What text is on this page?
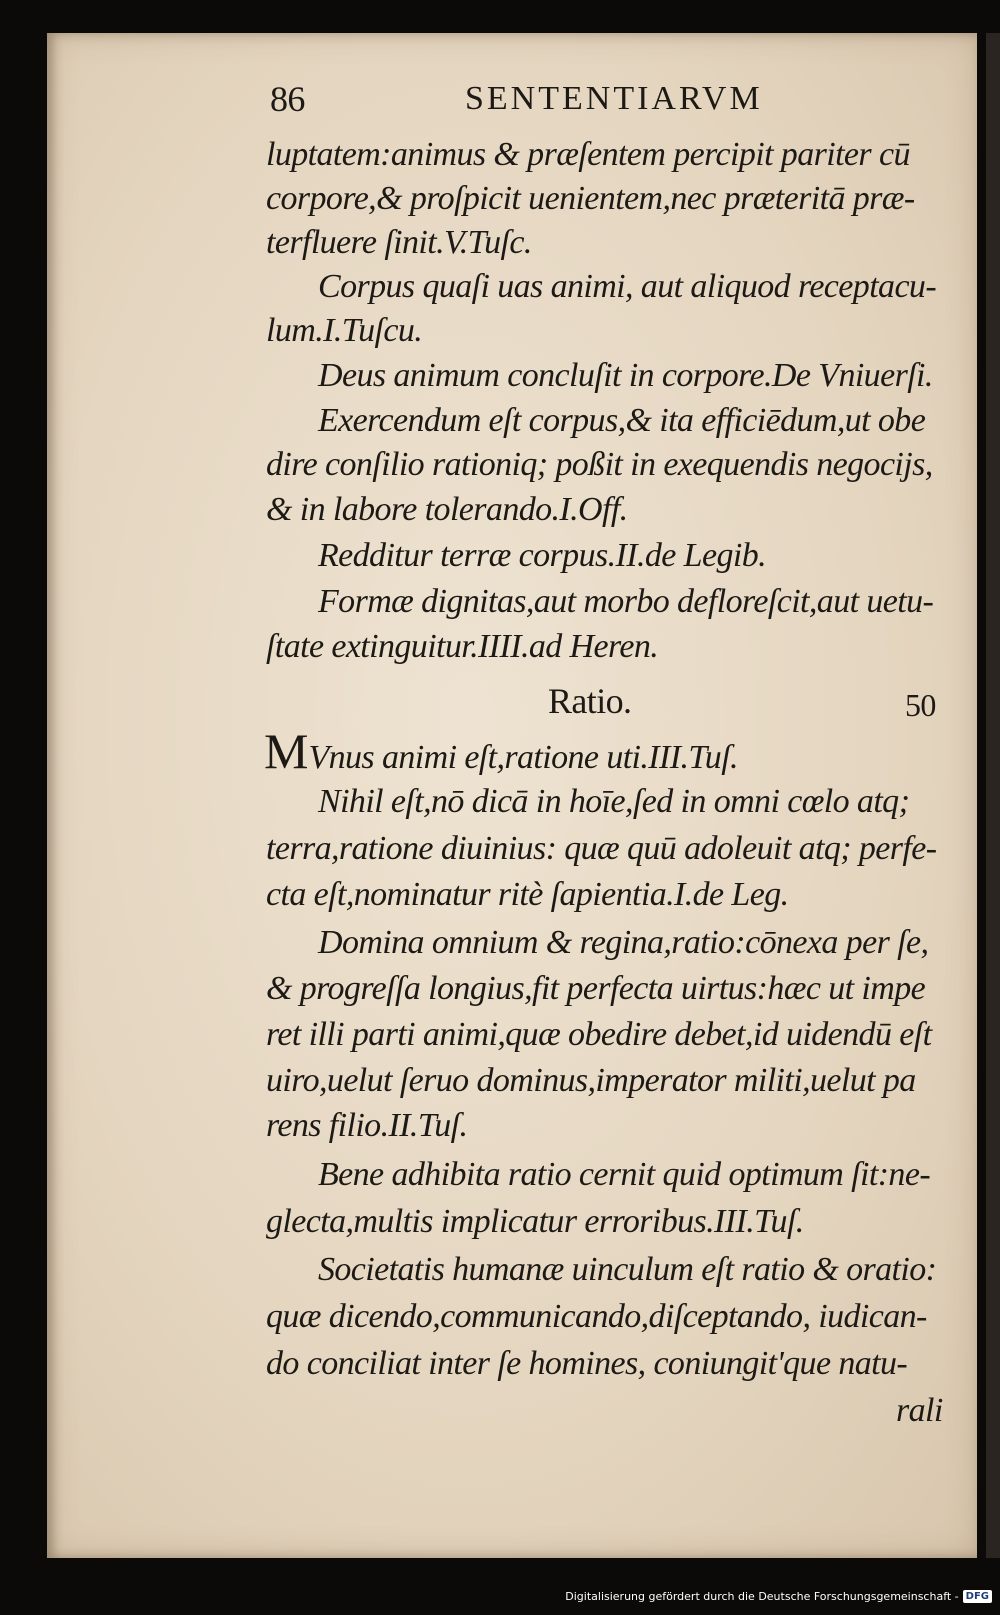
86	SENTENTIARVM
luptatem:animus & præſentem percipit pariter cū
corpore,& proſpicit uenientem,nec præteritā præ-
terfluere ſinit.V.Tuſc.
Corpus quaſi uas animi, aut aliquod receptacu-
lum.I.Tuſcu.
Deus animum concluſit in corpore.De Vniuerſi.
Exercendum eſt corpus,& ita efficiēdum,ut obe
dire conſilio rationiq; poßit in exequendis negocijs,
& in labore tolerando.I.Off.
Redditur terræ corpus.II.de Legib.
Formæ dignitas,aut morbo defloreſcit,aut uetu-
ſtate extinguitur.IIII.ad Heren.
Ratio.	50
MVnus animi eſt,ratione uti.III.Tuſ.
Nihil eſt,nō dicā in hoīe,ſed in omni cœlo atq;
terra,ratione diuinius: quæ quū adoleuit atq; perfe-
cta eſt,nominatur ritè ſapientia.I.de Leg.
Domina omnium & regina,ratio:cōnexa per ſe,
& progreſſa longius,fit perfecta uirtus:hæc ut impe
ret illi parti animi,quæ obedire debet,id uidendū eſt
uiro,uelut ſeruo dominus,imperator militi,uelut pa
rens filio.II.Tuſ.
Bene adhibita ratio cernit quid optimum ſit:ne-
glecta,multis implicatur erroribus.III.Tuſ.
Societatis humanæ uinculum eſt ratio & oratio:
quæ dicendo,communicando,diſceptando, iudican-
do conciliat inter ſe homines, coniungit'que natu-
rali
Digitalisierung gefördert durch die Deutsche Forschungsgemeinschaft - DFG
